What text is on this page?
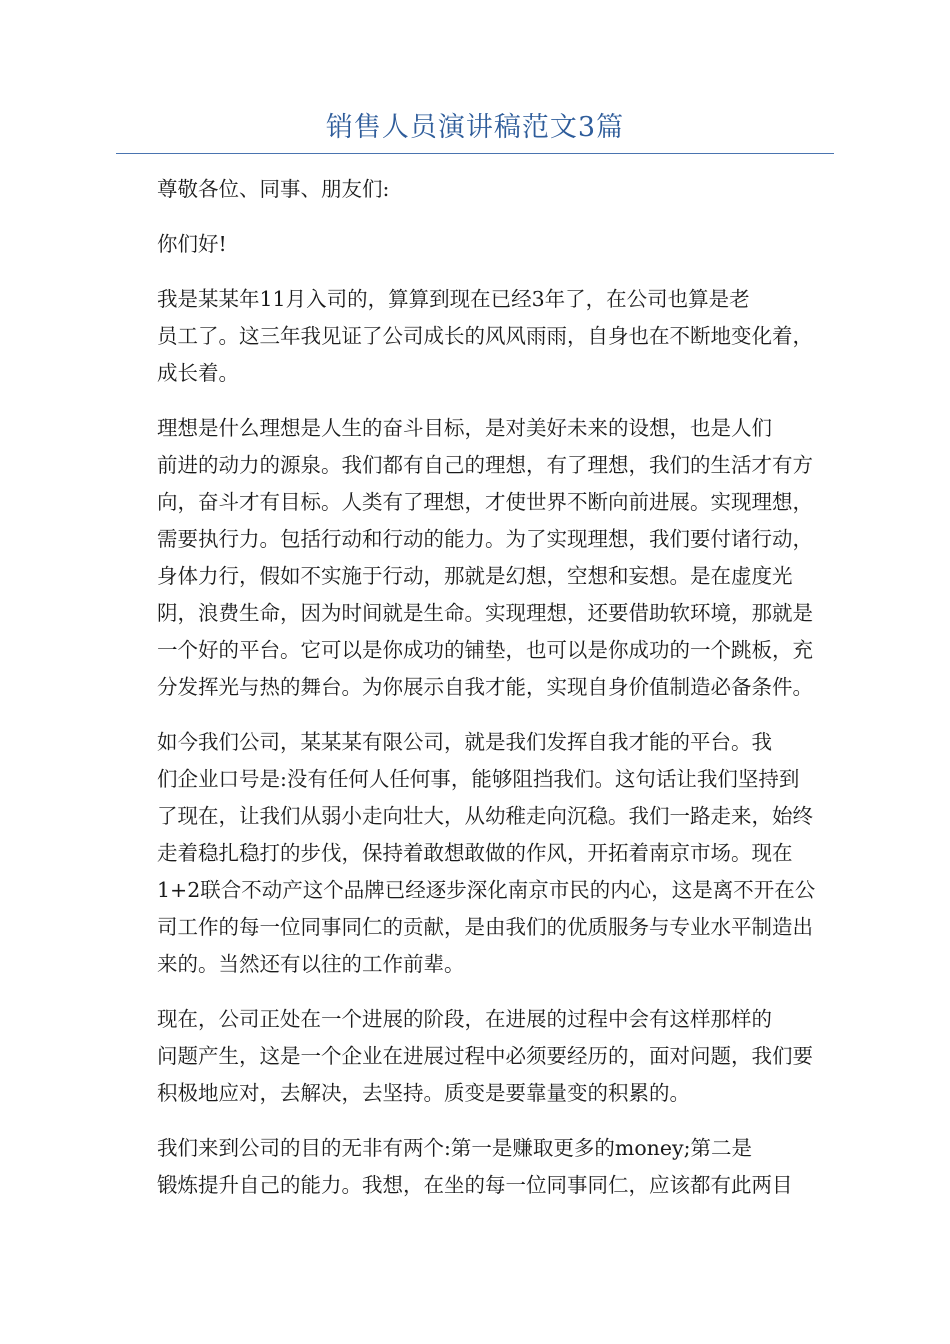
销售人员演讲稿范文3篇

尊敬各位、同事、朋友们:

你们好!

我是某某年11月入司的，算算到现在已经3年了，在公司也算是老
员工了。这三年我见证了公司成长的风风雨雨，自身也在不断地变化着，
成长着。

理想是什么理想是人生的奋斗目标，是对美好未来的设想，也是人们
前进的动力的源泉。我们都有自己的理想，有了理想，我们的生活才有方
向，奋斗才有目标。人类有了理想，才使世界不断向前进展。实现理想，
需要执行力。包括行动和行动的能力。为了实现理想，我们要付诸行动，
身体力行，假如不实施于行动，那就是幻想，空想和妄想。是在虚度光
阴，浪费生命，因为时间就是生命。实现理想，还要借助软环境，那就是
一个好的平台。它可以是你成功的铺垫，也可以是你成功的一个跳板，充
分发挥光与热的舞台。为你展示自我才能，实现自身价值制造必备条件。

如今我们公司，某某某有限公司，就是我们发挥自我才能的平台。我
们企业口号是:没有任何人任何事，能够阻挡我们。这句话让我们坚持到
了现在，让我们从弱小走向壮大，从幼稚走向沉稳。我们一路走来，始终
走着稳扎稳打的步伐，保持着敢想敢做的作风，开拓着南京市场。现在
1+2联合不动产这个品牌已经逐步深化南京市民的内心，这是离不开在公
司工作的每一位同事同仁的贡献，是由我们的优质服务与专业水平制造出
来的。当然还有以往的工作前辈。

现在，公司正处在一个进展的阶段，在进展的过程中会有这样那样的
问题产生，这是一个企业在进展过程中必须要经历的，面对问题，我们要
积极地应对，去解决，去坚持。质变是要靠量变的积累的。

我们来到公司的目的无非有两个:第一是赚取更多的money;第二是
锻炼提升自己的能力。我想，在坐的每一位同事同仁，应该都有此两目
